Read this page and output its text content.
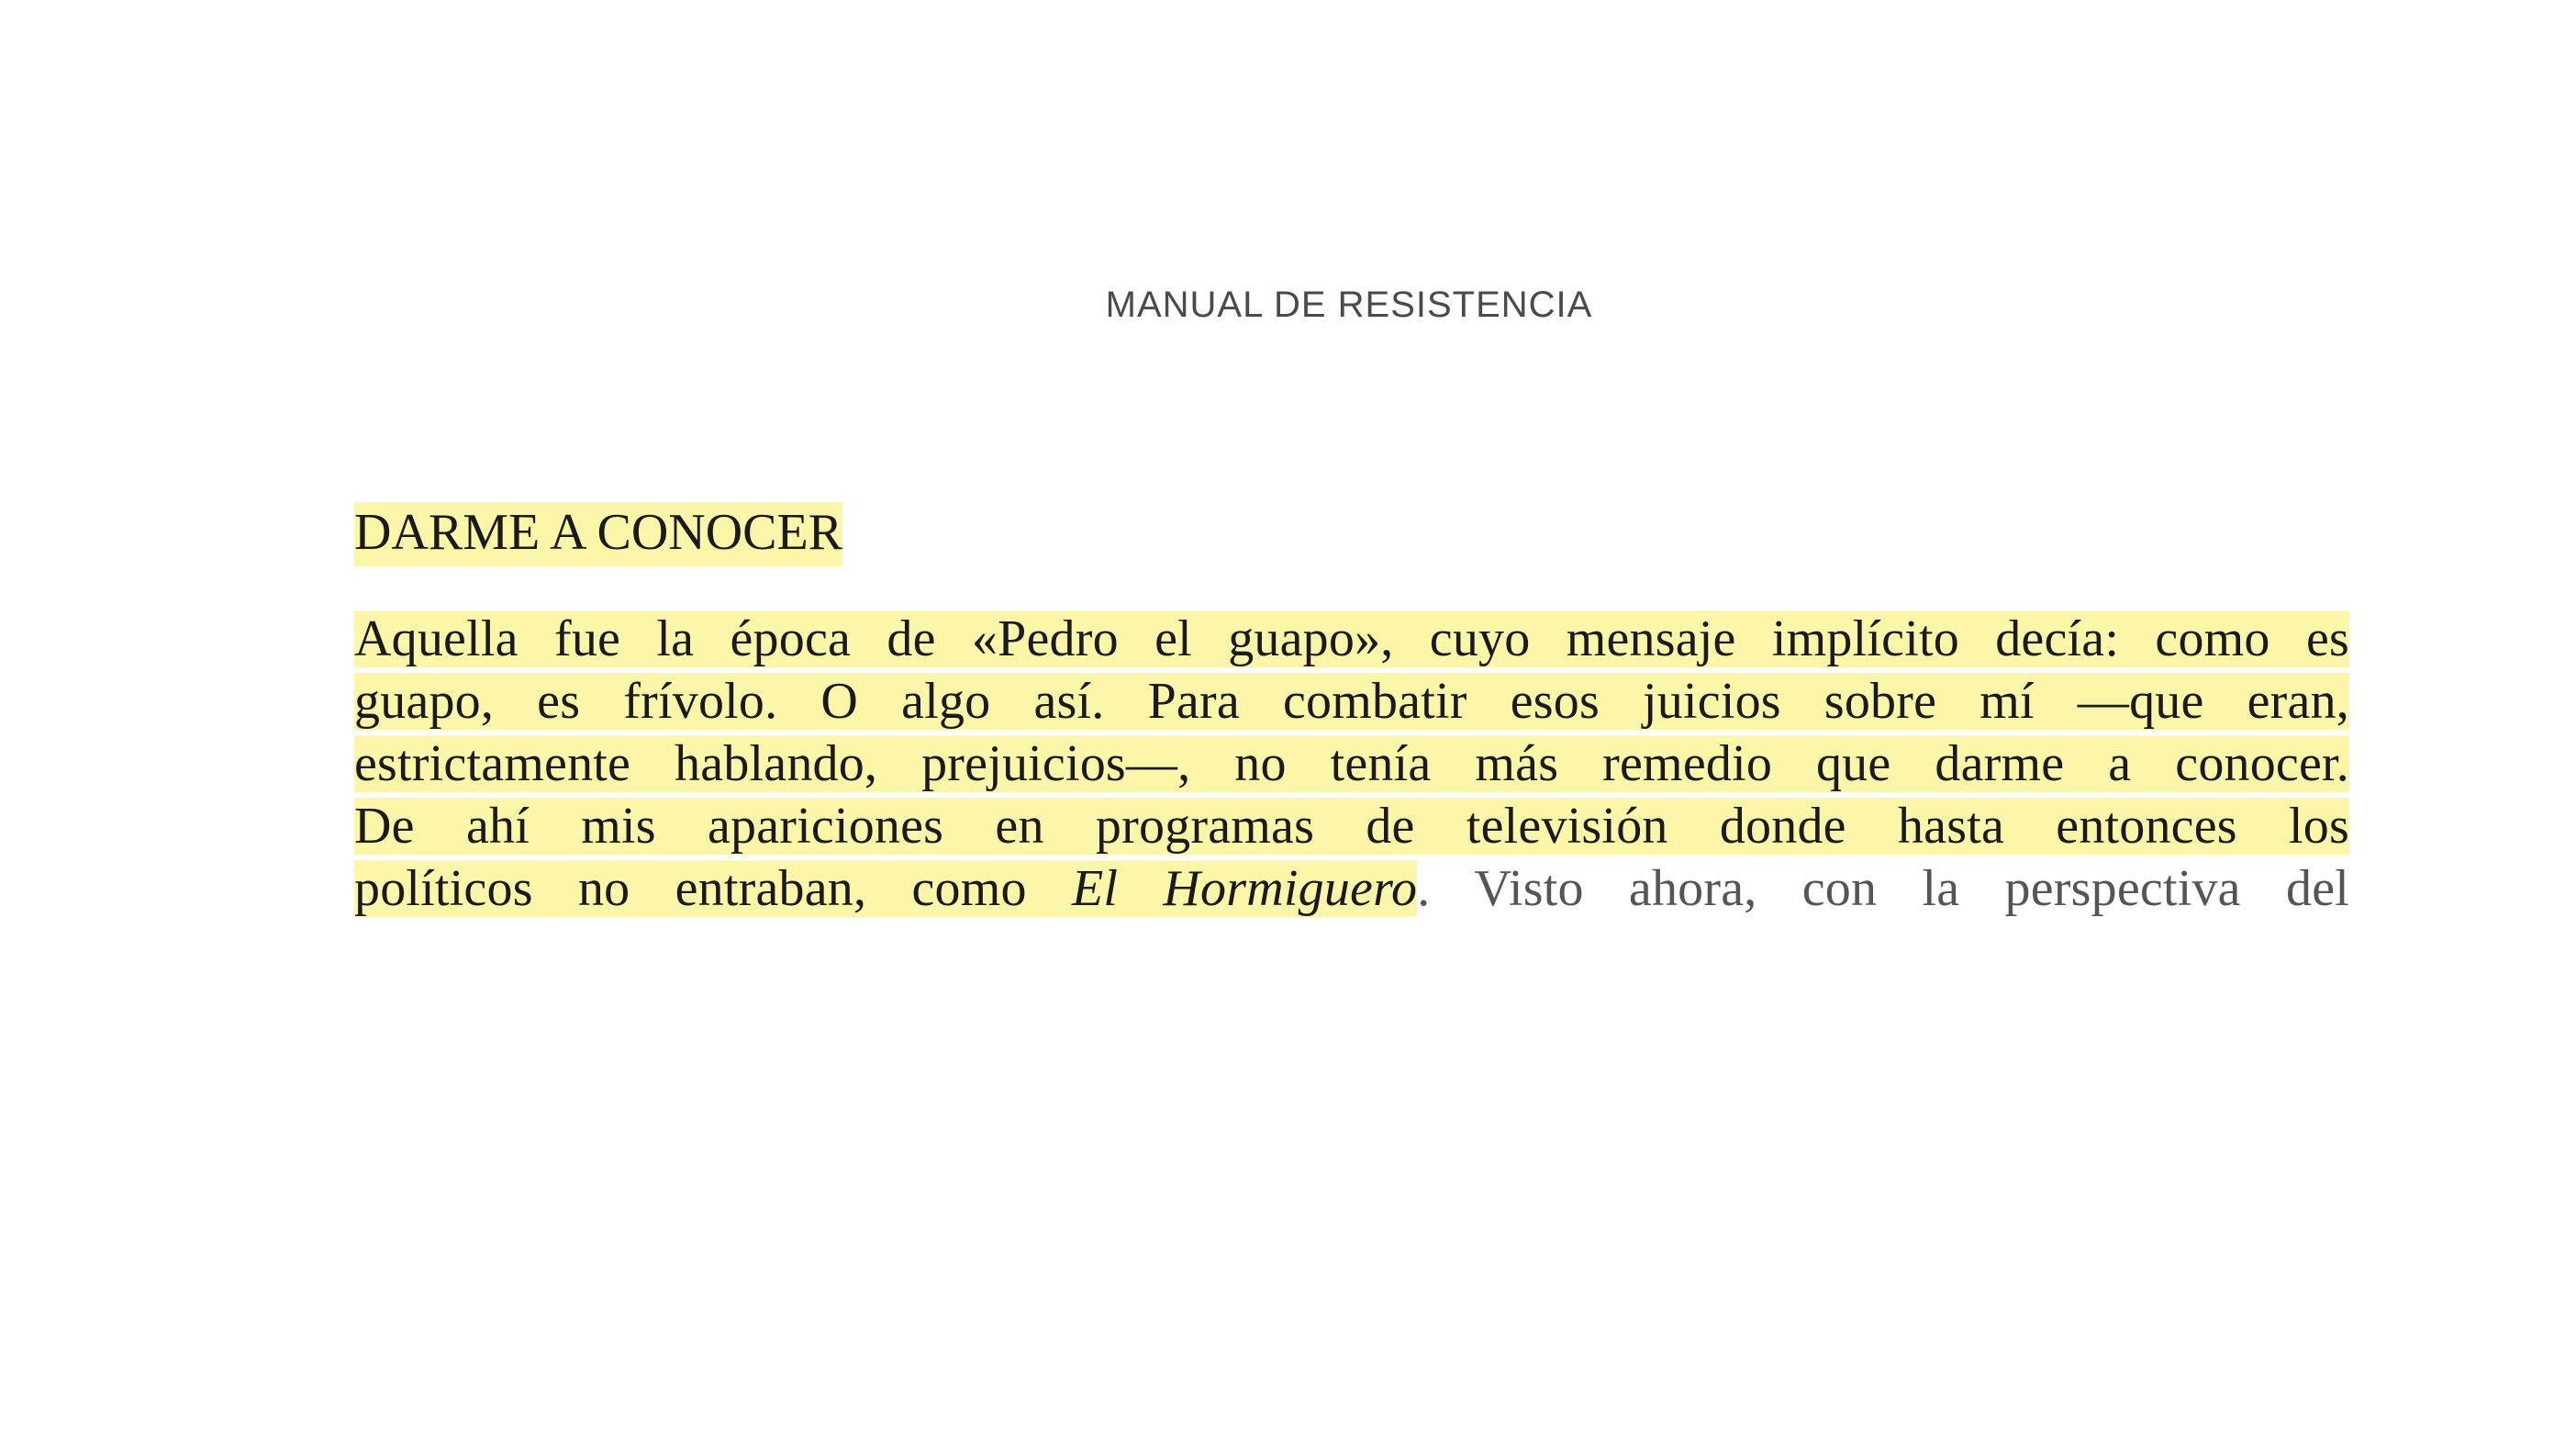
MANUAL DE RESISTENCIA
DARME A CONOCER

Aquella fue la época de «Pedro el guapo», cuyo mensaje implícito decía: como es
guapo, es frívolo. O algo así. Para combatir esos juicios sobre mí —que eran,
estrictamente hablando, prejuicios—, no tenía más remedio que darme a conocer.
De ahí mis apariciones en programas de televisión donde hasta entonces los
políticos no entraban, como El Hormiguero. Visto ahora, con la perspectiva del
